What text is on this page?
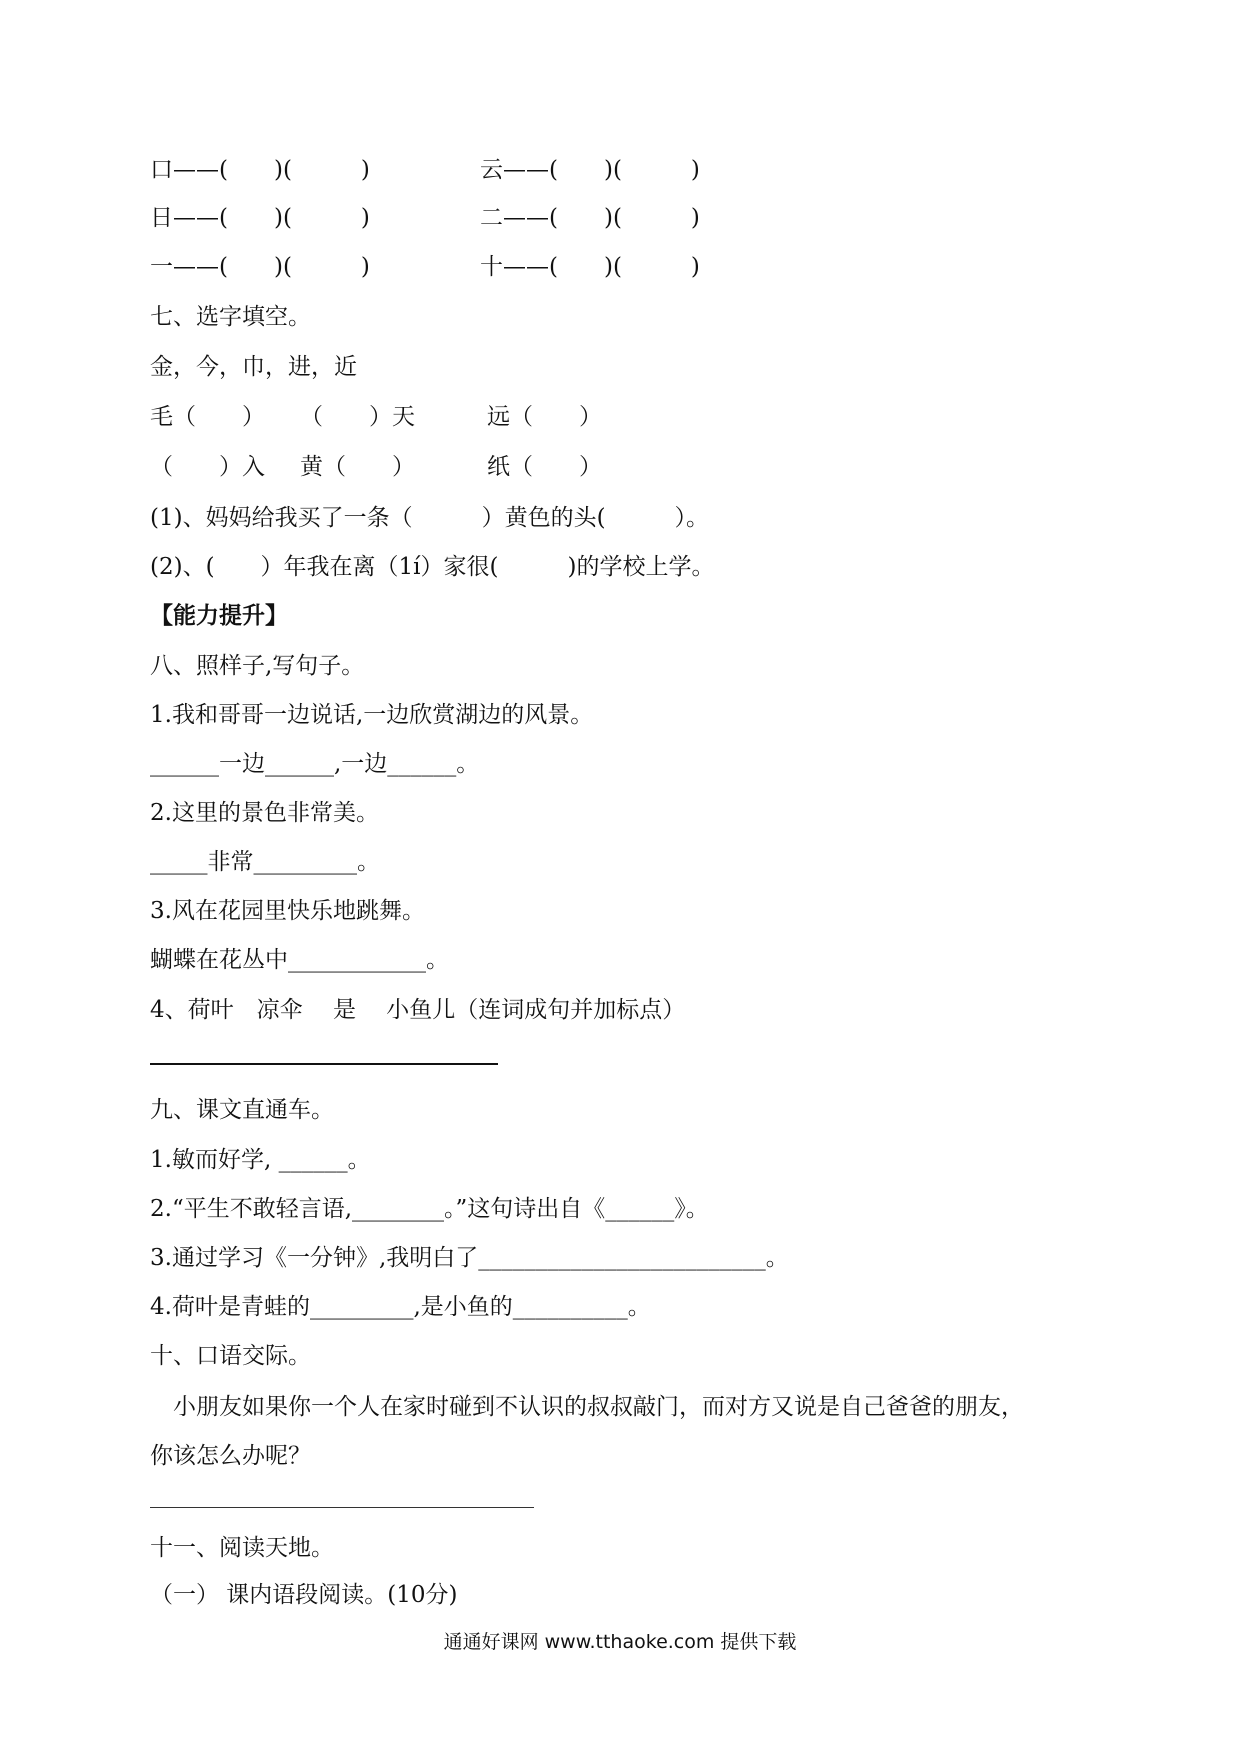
口——(　　)(　　　)	云——(　　)(　　　)
日——(　　)(　　　)	二——(　　)(　　　)
一——(　　)(　　　)	十——(　　)(　　　)
七、选字填空。
金，今，巾，进，近
毛（　　） （　　）天	远（　　）
（　　）入 黄（　　）	纸（　　）
(1)、妈妈给我买了一条（　　　）黄色的头(　　　）。
(2)、(　　）年我在离（1í）家很(　　　)的学校上学。
【能力提升】
八、照样子,写句子。
1.我和哥哥一边说话,一边欣赏湖边的风景。
______一边______,一边______。
2.这里的景色非常美。
_____非常_________。
3.风在花园里快乐地跳舞。
蝴蝶在花丛中____________。
4、荷叶　凉伞　 是　 小鱼儿（连词成句并加标点）
九、课文直通车。
1.敏而好学, ______。
2.“平生不敢轻言语,________。”这句诗出自《______》。
3.通过学习《一分钟》,我明白了_________________________。
4.荷叶是青蛙的_________,是小鱼的__________。
十、口语交际。
　小朋友如果你一个人在家时碰到不认识的叔叔敲门，而对方又说是自己爸爸的朋友，
你该怎么办呢？
十一、阅读天地。
（一） 课内语段阅读。(10分)
通通好课网 www.tthaoke.com 提供下载
